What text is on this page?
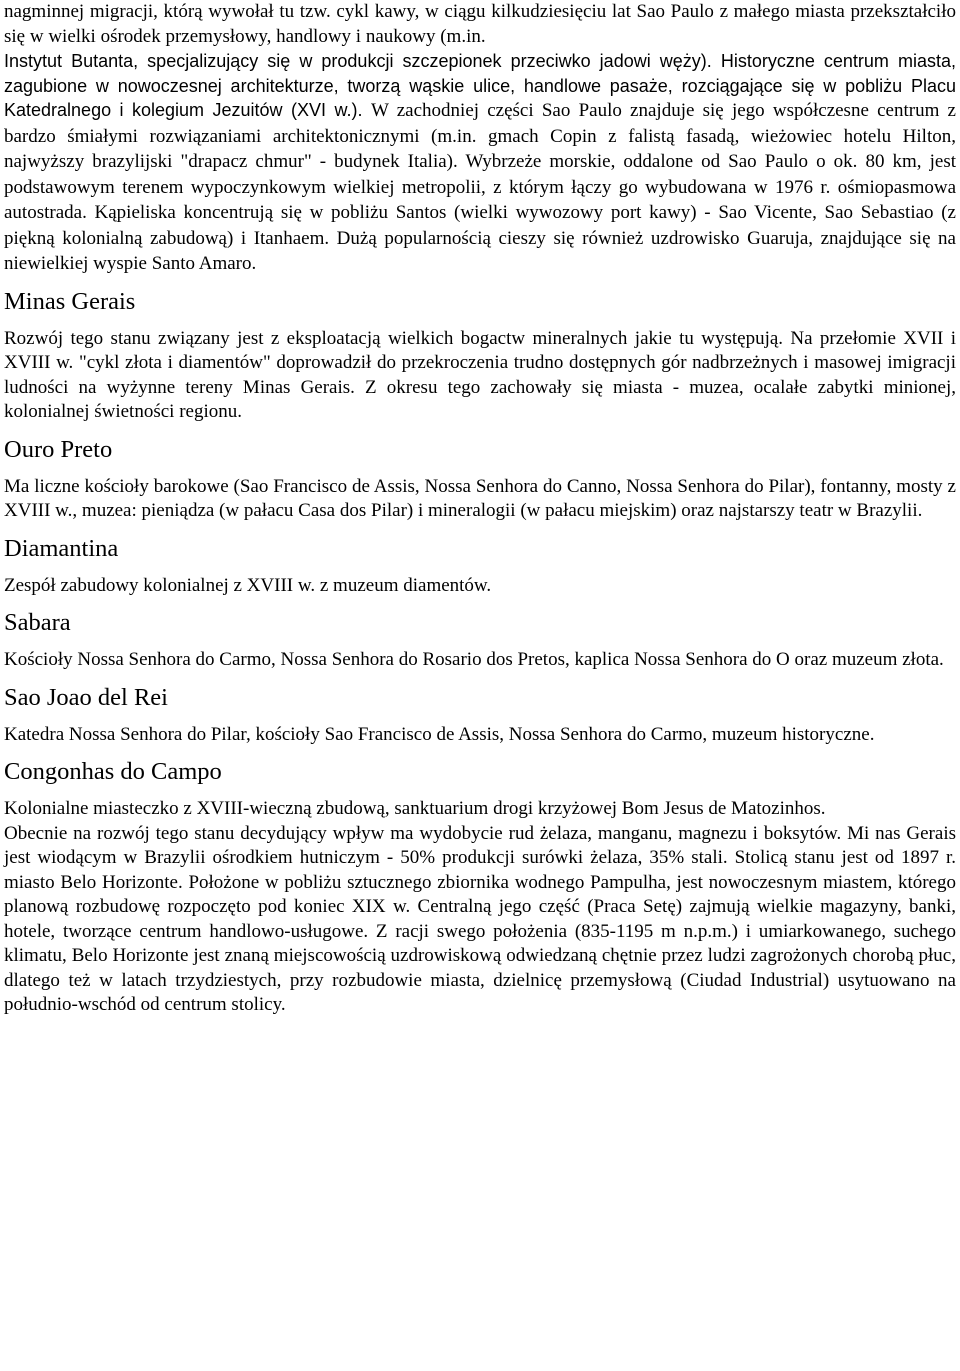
nagminnej migracji, którą wywołał tu tzw. cykl kawy, w ciągu kilkudziesięciu lat Sao Paulo z małego miasta przekształciło się w wielki ośrodek przemysłowy, handlowy i naukowy (m.in.

Instytut Butanta, specjalizujący się w produkcji szczepionek przeciwko jadowi węży). Historyczne centrum miasta, zagubione w nowoczesnej architekturze, tworzą wąskie ulice, handlowe pasaże, rozciągające się w pobliżu Placu Katedralnego i kolegium Jezuitów (XVI w.). W zachodniej części Sao Paulo znajduje się jego współczesne centrum z bardzo śmiałymi rozwiązaniami architektonicznymi (m.in. gmach Copin z falistą fasadą, wieżowiec hotelu Hilton, najwyższy brazylijski "drapacz chmur" - budynek Italia). Wybrzeże morskie, oddalone od Sao Paulo o ok. 80 km, jest podstawowym terenem wypoczynkowym wielkiej metropolii, z którym łączy go wybudowana w 1976 r. ośmiopasmowa autostrada. Kąpieliska koncentrują się w pobliżu Santos (wielki wywozowy port kawy) - Sao Vicente, Sao Sebastiao (z piękną kolonialną zabudową) i Itanhaem. Dużą popularnością cieszy się również uzdrowisko Guaruja, znajdujące się na niewielkiej wyspie Santo Amaro.

Minas Gerais

Rozwój tego stanu związany jest z eksploatacją wielkich bogactw mineralnych jakie tu występują. Na przełomie XVII i XVIII w. "cykl złota i diamentów" doprowadził do przekroczenia trudno dostępnych gór nadbrzeżnych i masowej imigracji ludności na wyżynne tereny Minas Gerais. Z okresu tego zachowały się miasta - muzea, ocalałe zabytki minionej, kolonialnej świetności regionu.

Ouro Preto

Ma liczne kościoły barokowe (Sao Francisco de Assis, Nossa Senhora do Canno, Nossa Senhora do Pilar), fontanny, mosty z XVIII w., muzea: pieniądza (w pałacu Casa dos Pilar) i mineralogii (w pałacu miejskim) oraz najstarszy teatr w Brazylii.

Diamantina

Zespół zabudowy kolonialnej z XVIII w. z muzeum diamentów.

Sabara

Kościoły Nossa Senhora do Carmo, Nossa Senhora do Rosario dos Pretos, kaplica Nossa Senhora do O oraz muzeum złota.

Sao Joao del Rei

Katedra Nossa Senhora do Pilar, kościoły Sao Francisco de Assis, Nossa Senhora do Carmo, muzeum historyczne.

Congonhas do Campo

Kolonialne miasteczko z XVIII-wieczną zbudową, sanktuarium drogi krzyżowej Bom Jesus de Matozinhos.

Obecnie na rozwój tego stanu decydujący wpływ ma wydobycie rud żelaza, manganu, magnezu i boksytów. Mi nas Gerais jest wiodącym w Brazylii ośrodkiem hutniczym - 50% produkcji surówki żelaza, 35% stali. Stolicą stanu jest od 1897 r. miasto Belo Horizonte. Położone w pobliżu sztucznego zbiornika wodnego Pampulha, jest nowoczesnym miastem, którego planową rozbudowę rozpoczęto pod koniec XIX w. Centralną jego część (Praca Setę) zajmują wielkie magazyny, banki, hotele, tworzące centrum handlowo-usługowe. Z racji swego położenia (835-1195 m n.p.m.) i umiarkowanego, suchego klimatu, Belo Horizonte jest znaną miejscowością uzdrowiskową odwiedzaną chętnie przez ludzi zagrożonych chorobą płuc, dlatego też w latach trzydziestych, przy rozbudowie miasta, dzielnicę przemysłową (Ciudad Industrial) usytuowano na południo-wschód od centrum stolicy.
